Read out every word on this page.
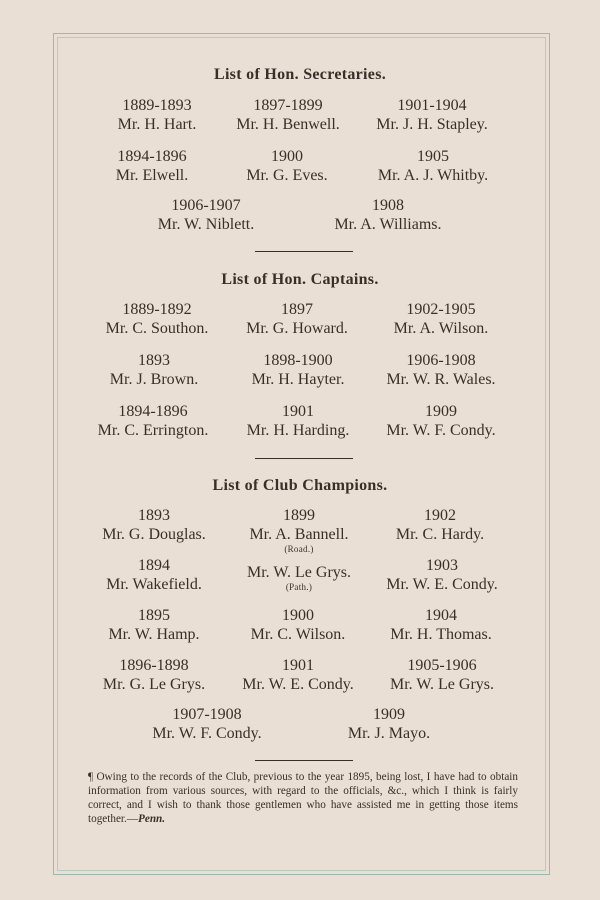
List of Hon. Secretaries.
1889-1893
Mr. H. Hart.
1897-1899
Mr. H. Benwell.
1901-1904
Mr. J. H. Stapley.
1894-1896
Mr. Elwell.
1900
Mr. G. Eves.
1905
Mr. A. J. Whitby.
1906-1907
Mr. W. Niblett.
1908
Mr. A. Williams.
List of Hon. Captains.
1889-1892
Mr. C. Southon.
1897
Mr. G. Howard.
1902-1905
Mr. A. Wilson.
1893
Mr. J. Brown.
1898-1900
Mr. H. Hayter.
1906-1908
Mr. W. R. Wales.
1894-1896
Mr. C. Errington.
1901
Mr. H. Harding.
1909
Mr. W. F. Condy.
List of Club Champions.
1893
Mr. G. Douglas.
1899
Mr. A. Bannell.
(Road.)
1902
Mr. C. Hardy.
1894
Mr. Wakefield.
Mr. W. Le Grys.
(Path.)
1903
Mr. W. E. Condy.
1895
Mr. W. Hamp.
1900
Mr. C. Wilson.
1904
Mr. H. Thomas.
1896-1898
Mr. G. Le Grys.
1901
Mr. W. E. Condy.
1905-1906
Mr. W. Le Grys.
1907-1908
Mr. W. F. Condy.
1909
Mr. J. Mayo.
¶ Owing to the records of the Club, previous to the year 1895, being lost, I have had to obtain information from various sources, with regard to the officials, &c., which I think is fairly correct, and I wish to thank those gentlemen who have assisted me in getting those items together.—Penn.
